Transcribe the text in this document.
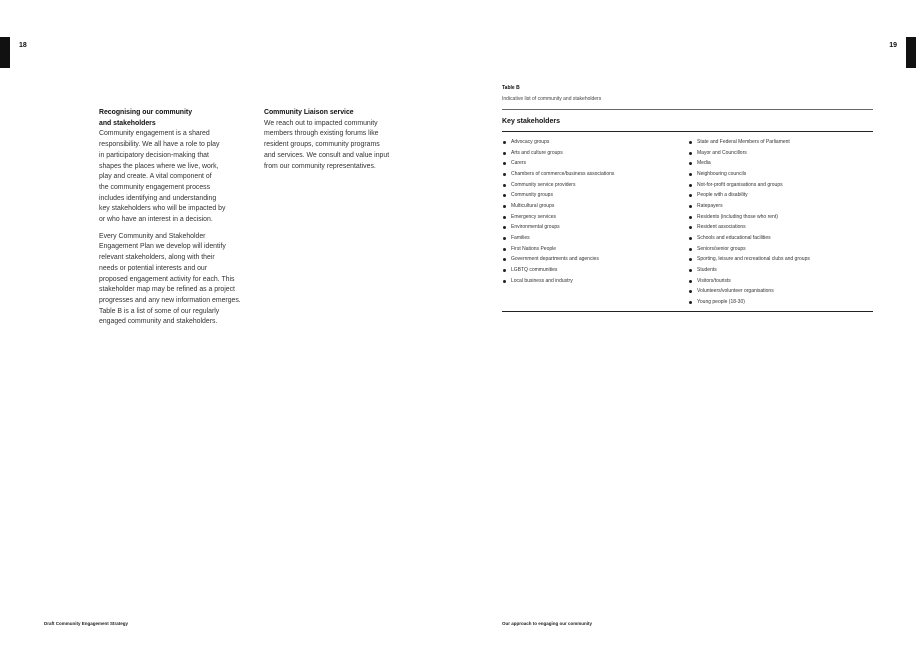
18	19

Recognising our community

and stakeholders

Community engagement is a shared
responsibility. We all have a role to play
in participatory decision-making that
shapes the places where we live, work,
play and create. A vital component of
the community engagement process
includes identifying and understanding
key stakeholders who will be impacted by
or who have an interest in a decision.

Every Community and Stakeholder
Engagement Plan we develop will identify
relevant stakeholders, along with their
needs or potential interests and our
proposed engagement activity for each. This
stakeholder map may be refined as a project
progresses and any new information emerges.
Table B is a list of some of our regularly
engaged community and stakeholders.

Community Liaison service

We reach out to impacted community
members through existing forums like
resident groups, community programs
and services. We consult and value input
from our community representatives.

Table B
Indicative list of community and stakeholders
Key stakeholders
Advocacy groups
Arts and culture groups
Carers
Chambers of commerce/business associations
Community service providers
Community groups
Multicultural groups
Emergency services
Environmental groups
Families
First Nations People
Government departments and agencies
LGBTQ communities
Local business and industry
State and Federal Members of Parliament
Mayor and Councillors
Media
Neighbouring councils
Not-for-profit organisations and groups
People with a disability
Ratepayers
Residents (including those who rent)
Resident associations
Schools and educational facilities
Seniors/senior groups
Sporting, leisure and recreational clubs and groups
Students
Visitors/tourists
Volunteers/volunteer organisations
Young people (18-30)
Draft Community Engagement Strategy	Our approach to engaging our community
